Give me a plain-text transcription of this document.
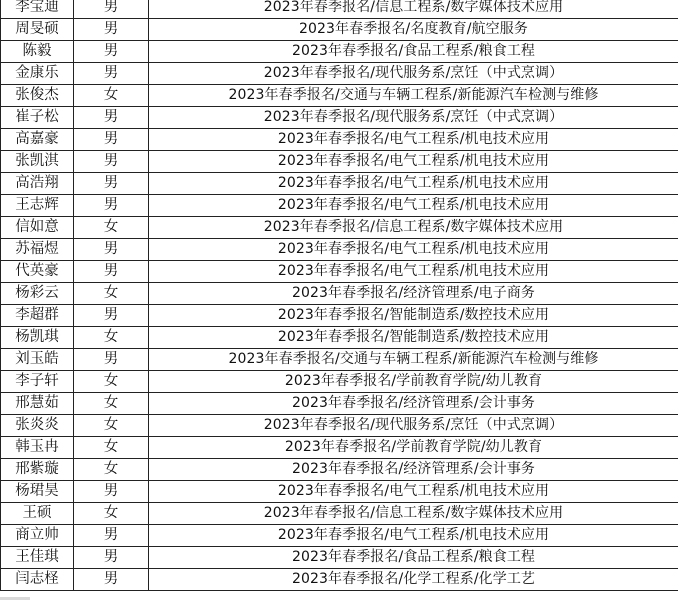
李宝迪	男	2023年春季报名/信息工程系/数字媒体技术应用
周旻硕	男	2023年春季报名/名度教育/航空服务
陈毅	男	2023年春季报名/食品工程系/粮食工程
金康乐	男	2023年春季报名/现代服务系/烹饪（中式烹调）
张俊杰	女	2023年春季报名/交通与车辆工程系/新能源汽车检测与维修
崔子松	男	2023年春季报名/现代服务系/烹饪（中式烹调）
高嘉豪	男	2023年春季报名/电气工程系/机电技术应用
张凯淇	男	2023年春季报名/电气工程系/机电技术应用
高浩翔	男	2023年春季报名/电气工程系/机电技术应用
王志辉	男	2023年春季报名/电气工程系/机电技术应用
信如意	女	2023年春季报名/信息工程系/数字媒体技术应用
苏福煜	男	2023年春季报名/电气工程系/机电技术应用
代英豪	男	2023年春季报名/电气工程系/机电技术应用
杨彩云	女	2023年春季报名/经济管理系/电子商务
李超群	男	2023年春季报名/智能制造系/数控技术应用
杨凯琪	女	2023年春季报名/智能制造系/数控技术应用
刘玉皓	男	2023年春季报名/交通与车辆工程系/新能源汽车检测与维修
李子轩	女	2023年春季报名/学前教育学院/幼儿教育
邢慧茹	女	2023年春季报名/经济管理系/会计事务
张炎炎	女	2023年春季报名/现代服务系/烹饪（中式烹调）
韩玉冉	女	2023年春季报名/学前教育学院/幼儿教育
邢紫璇	女	2023年春季报名/经济管理系/会计事务
杨珺昊	男	2023年春季报名/电气工程系/机电技术应用
王硕	女	2023年春季报名/信息工程系/数字媒体技术应用
商立帅	男	2023年春季报名/电气工程系/机电技术应用
王佳琪	男	2023年春季报名/食品工程系/粮食工程
闫志柽	男	2023年春季报名/化学工程系/化学工艺
